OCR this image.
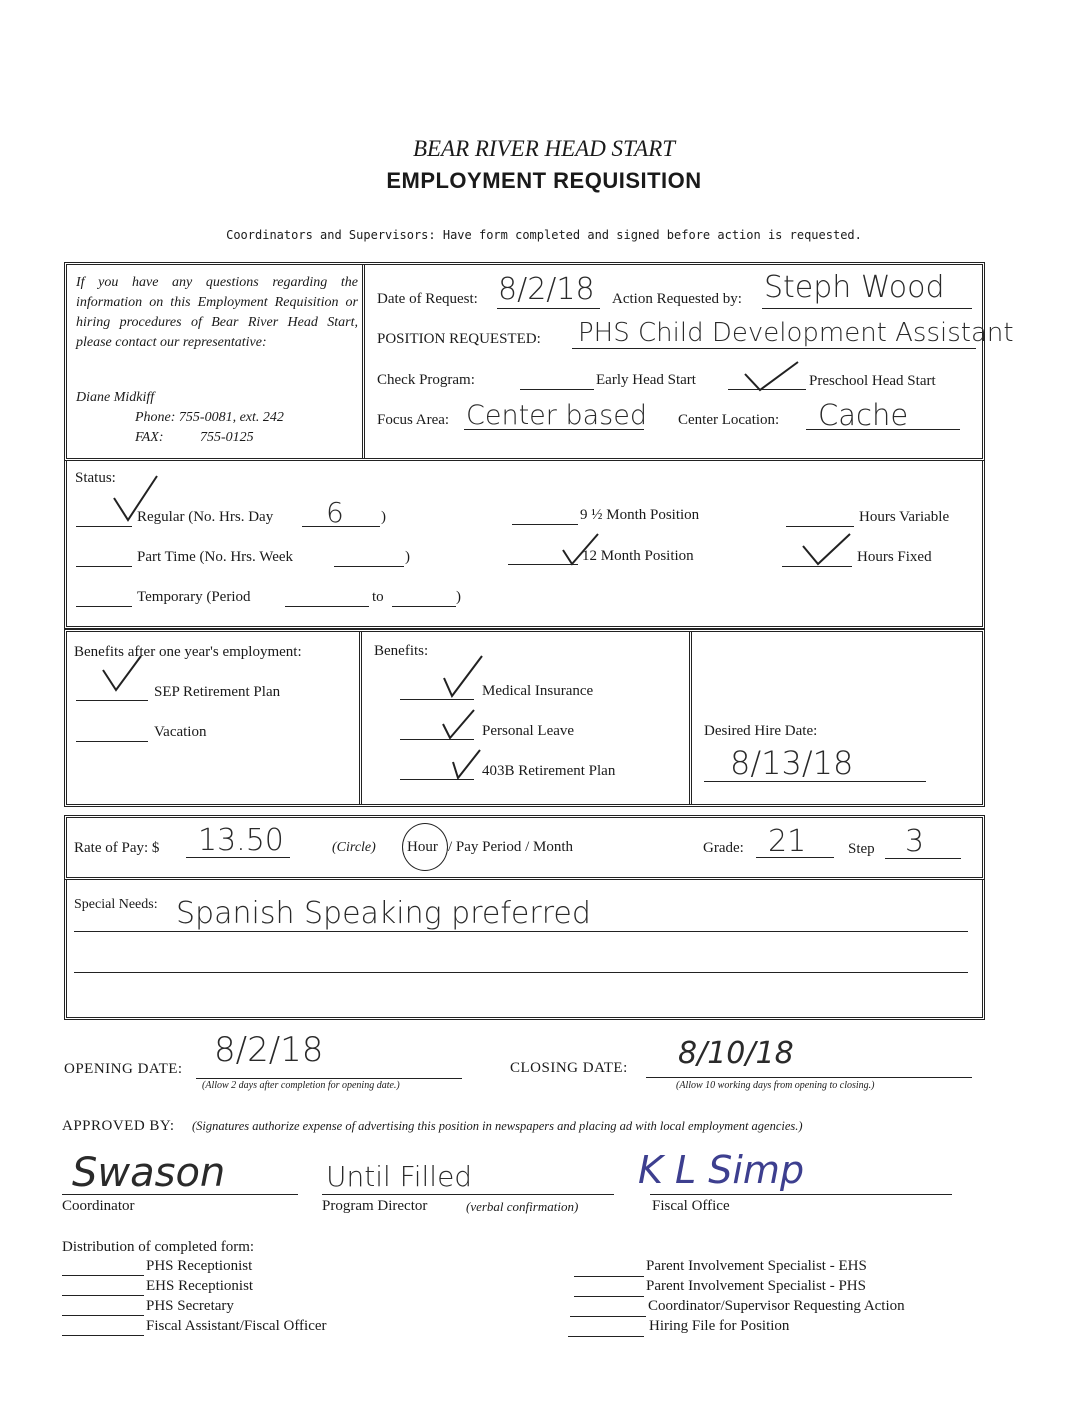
BEAR RIVER HEAD START
EMPLOYMENT REQUISITION
Coordinators and Supervisors: Have form completed and signed before action is requested.
If you have any questions regarding the information on this Employment Requisition or hiring procedures of Bear River Head Start, please contact our representative:
Diane Midkiff
Phone: 755-0081, ext. 242
FAX:	755-0125
Date of Request: 8/2/18 Action Requested by: Steph Wood
POSITION REQUESTED: PHS Child Development Assistant
Check Program:	Early Head Start	Preschool Head Start
Focus Area: Center based Center Location: Cache
Status:
Regular (No. Hrs. Day 6 )
Part Time (No. Hrs. Week	)
Temporary (Period	to	)
9 ½ Month Position
12 Month Position
Hours Variable
Hours Fixed
Benefits after one year's employment:
SEP Retirement Plan
Vacation
Benefits:
Medical Insurance
Personal Leave
403B Retirement Plan
Desired Hire Date:
8/13/18
Rate of Pay: $ 13.50	(Circle) Hour / Pay Period / Month	Grade: 21	Step 3
Special Needs: Spanish Speaking preferred
OPENING DATE: 8/2/18
(Allow 2 days after completion for opening date.)
CLOSING DATE: 8/10/18
(Allow 10 working days from opening to closing.)
APPROVED BY: (Signatures authorize expense of advertising this position in newspapers and placing ad with local employment agencies.)
Swason
Coordinator
Until Filled
Program Director	(verbal confirmation)
K L Simp
Fiscal Office
Distribution of completed form:
PHS Receptionist
EHS Receptionist
PHS Secretary
Fiscal Assistant/Fiscal Officer
Parent Involvement Specialist - EHS
Parent Involvement Specialist - PHS
Coordinator/Supervisor Requesting Action
Hiring File for Position
